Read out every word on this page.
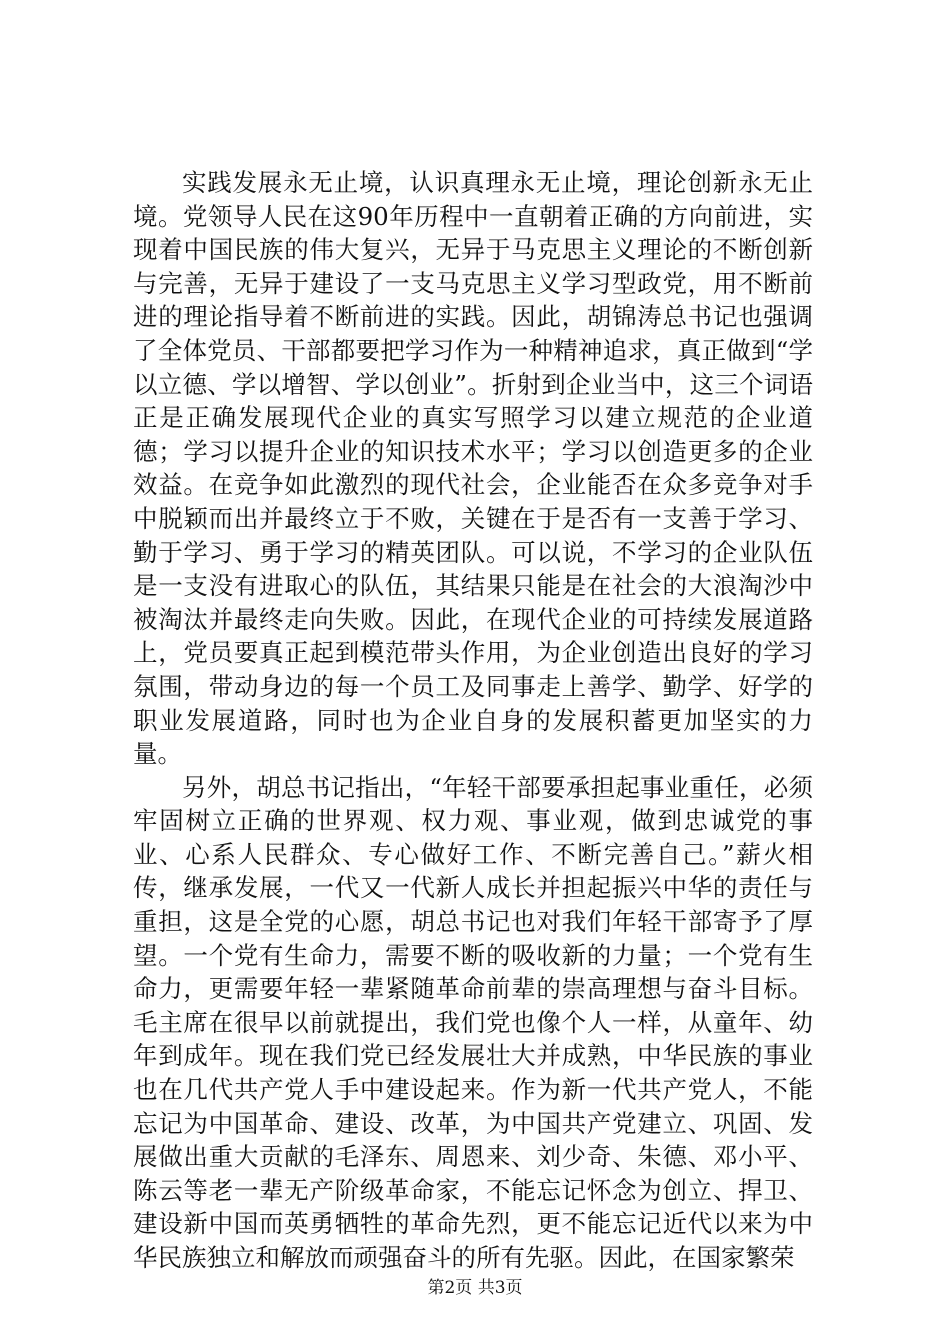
实践发展永无止境，认识真理永无止境，理论创新永无止境。党领导人民在这90年历程中一直朝着正确的方向前进，实现着中国民族的伟大复兴，无异于马克思主义理论的不断创新与完善，无异于建设了一支马克思主义学习型政党，用不断前进的理论指导着不断前进的实践。因此，胡锦涛总书记也强调了全体党员、干部都要把学习作为一种精神追求，真正做到“学以立德、学以增智、学以创业”。折射到企业当中，这三个词语正是正确发展现代企业的真实写照学习以建立规范的企业道德；学习以提升企业的知识技术水平；学习以创造更多的企业效益。在竞争如此激烈的现代社会，企业能否在众多竞争对手中脱颖而出并最终立于不败，关键在于是否有一支善于学习、勤于学习、勇于学习的精英团队。可以说，不学习的企业队伍是一支没有进取心的队伍，其结果只能是在社会的大浪淘沙中被淘汰并最终走向失败。因此，在现代企业的可持续发展道路上，党员要真正起到模范带头作用，为企业创造出良好的学习氛围，带动身边的每一个员工及同事走上善学、勤学、好学的职业发展道路，同时也为企业自身的发展积蓄更加坚实的力量。

另外，胡总书记指出，“年轻干部要承担起事业重任，必须牢固树立正确的世界观、权力观、事业观，做到忠诚党的事业、心系人民群众、专心做好工作、不断完善自己。”薪火相传，继承发展，一代又一代新人成长并担起振兴中华的责任与重担，这是全党的心愿，胡总书记也对我们年轻干部寄予了厚望。一个党有生命力，需要不断的吸收新的力量；一个党有生命力，更需要年轻一辈紧随革命前辈的崇高理想与奋斗目标。毛主席在很早以前就提出，我们党也像个人一样，从童年、幼年到成年。现在我们党已经发展壮大并成熟，中华民族的事业也在几代共产党人手中建设起来。作为新一代共产党人，不能忘记为中国革命、建设、改革，为中国共产党建立、巩固、发展做出重大贡献的毛泽东、周恩来、刘少奇、朱德、邓小平、陈云等老一辈无产阶级革命家，不能忘记怀念为创立、捍卫、建设新中国而英勇牺牲的革命先烈，更不能忘记近代以来为中华民族独立和解放而顽强奋斗的所有先驱。因此，在国家繁荣

第2页 共3页
